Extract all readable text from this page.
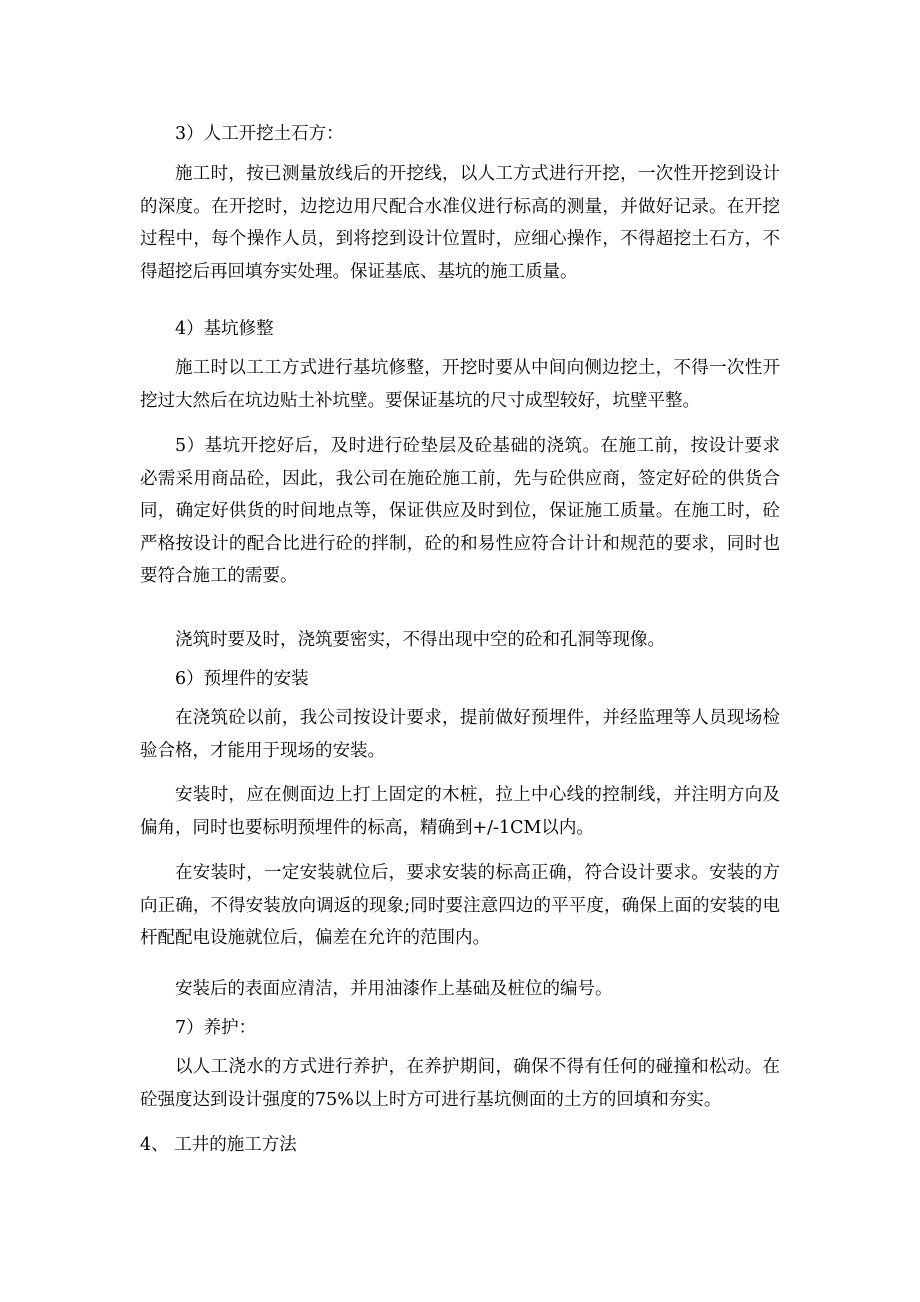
3）人工开挖土石方：

施工时，按已测量放线后的开挖线，以人工方式进行开挖，一次性开挖到设计的深度。在开挖时，边挖边用尺配合水准仪进行标高的测量，并做好记录。在开挖过程中，每个操作人员，到将挖到设计位置时，应细心操作，不得超挖土石方，不得超挖后再回填夯实处理。保证基底、基坑的施工质量。

4）基坑修整

施工时以工工方式进行基坑修整，开挖时要从中间向侧边挖土，不得一次性开挖过大然后在坑边贴土补坑壁。要保证基坑的尺寸成型较好，坑壁平整。

5）基坑开挖好后，及时进行砼垫层及砼基础的浇筑。在施工前，按设计要求必需采用商品砼，因此，我公司在施砼施工前，先与砼供应商，签定好砼的供货合同，确定好供货的时间地点等，保证供应及时到位，保证施工质量。在施工时，砼严格按设计的配合比进行砼的拌制，砼的和易性应符合计计和规范的要求，同时也要符合施工的需要。

浇筑时要及时，浇筑要密实，不得出现中空的砼和孔洞等现像。

6）预埋件的安装

在浇筑砼以前，我公司按设计要求，提前做好预埋件，并经监理等人员现场检验合格，才能用于现场的安装。

安装时，应在侧面边上打上固定的木桩，拉上中心线的控制线，并注明方向及偏角，同时也要标明预埋件的标高，精确到+/-1CM以内。

在安装时，一定安装就位后，要求安装的标高正确，符合设计要求。安装的方向正确，不得安装放向调返的现象;同时要注意四边的平平度，确保上面的安装的电杆配配电设施就位后，偏差在允许的范围内。

安装后的表面应清洁，并用油漆作上基础及桩位的编号。

7）养护：

以人工浇水的方式进行养护，在养护期间，确保不得有任何的碰撞和松动。在砼强度达到设计强度的75%以上时方可进行基坑侧面的土方的回填和夯实。

4、 工井的施工方法
